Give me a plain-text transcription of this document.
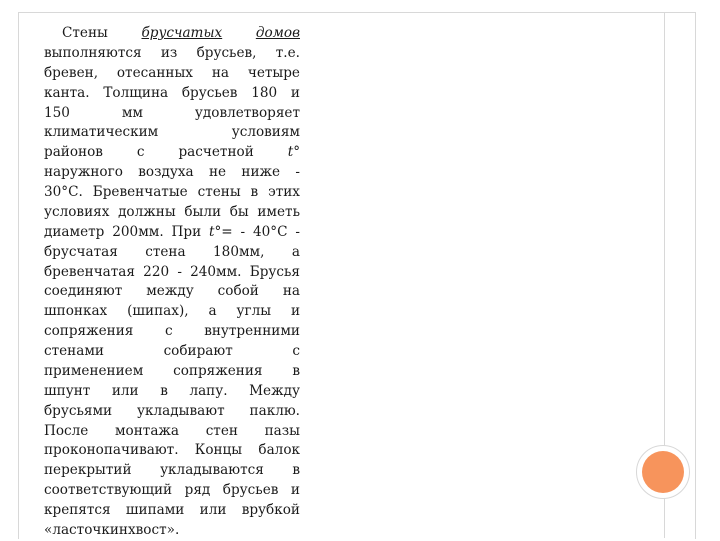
Стены брусчатых домов
выполняются из брусьев, т.е.
бревен, отесанных на четыре
канта. Толщина брусьев 180 и
150	мм	удовлетворяет
климатическим	условиям
районов с расчетной t°
наружного воздуха не ниже -
30°С. Бревенчатые стены в этих
условиях должны были бы иметь
диаметр 200мм. При t°= - 40°С -
брусчатая стена 180мм, а
бревенчатая 220 - 240мм. Брусья
соединяют между собой на
шпонках (шипах), а углы и
сопряжения с внутренними
стенами	собирают	с
применением сопряжения в
шпунт или в лапу. Между
брусьями укладывают паклю.
После монтажа стен пазы
проконопачивают. Концы балок
перекрытий укладываются в
соответствующий ряд брусьев и
крепятся шипами или врубкой
«ласточкин хвост».
